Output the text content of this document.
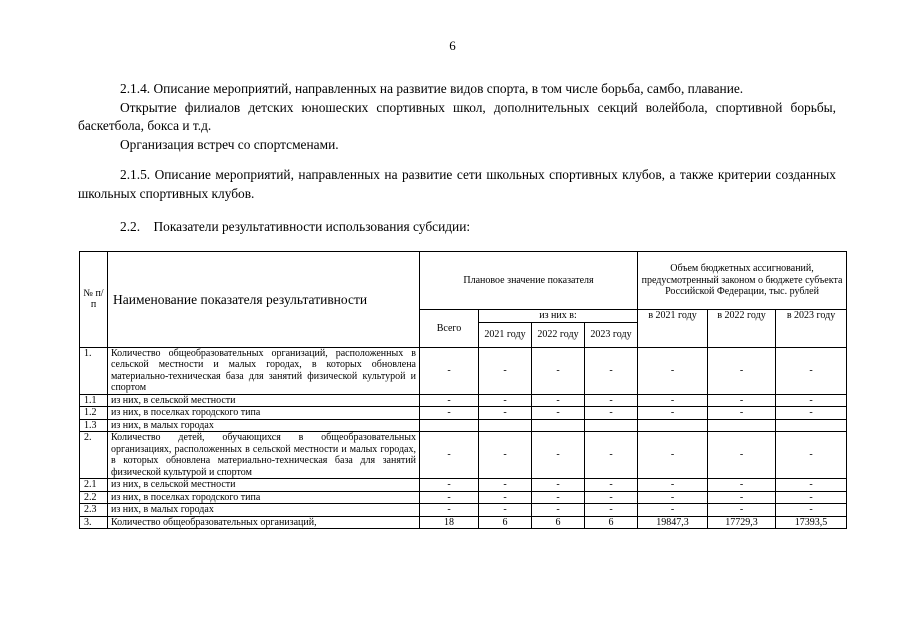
6

2.1.4. Описание мероприятий, направленных на развитие видов спорта, в том числе борьба, самбо, плавание.

Открытие филиалов детских юношеских спортивных школ, дополнительных секций волейбола, спортивной борьбы, баскетбола, бокса и т.д.

Организация встреч со спортсменами.

2.1.5. Описание мероприятий, направленных на развитие сети школьных спортивных клубов, а также критерии созданных школьных спортивных клубов.

2.2.    Показатели результативности использования субсидии:

№ п/п	Наименование показателя результативности	Плановое значение показателя				Объем бюджетных ассигнований, предусмотренный законом о бюджете субъекта Российской Федерации, тыс. рублей		
		Всего	из них в:			в 2021 году	в 2022 году	в 2023 году
			2021 году	2022 году	2023 году			
1.	Количество общеобразовательных организаций, расположенных в сельской местности и малых городах, в которых обновлена материально-техническая база для занятий физической культурой и спортом	-	-	-	-	-	-	-
1.1	из них, в сельской местности	-	-	-	-	-	-	-
1.2	из них, в поселках городского типа	-	-	-	-	-	-	-
1.3	из них, в малых городах							
2.	Количество детей, обучающихся в общеобразовательных организациях, расположенных в сельской местности и малых городах, в которых обновлена материально-техническая база для занятий физической культурой и спортом	-	-	-	-	-	-	-
2.1	из них, в сельской местности	-	-	-	-	-	-	-
2.2	из них, в поселках городского типа	-	-	-	-	-	-	-
2.3	из них, в малых городах	-	-	-	-	-	-	-
3.	Количество общеобразовательных организаций,	18	6	6	6	19847,3	17729,3	17393,5
